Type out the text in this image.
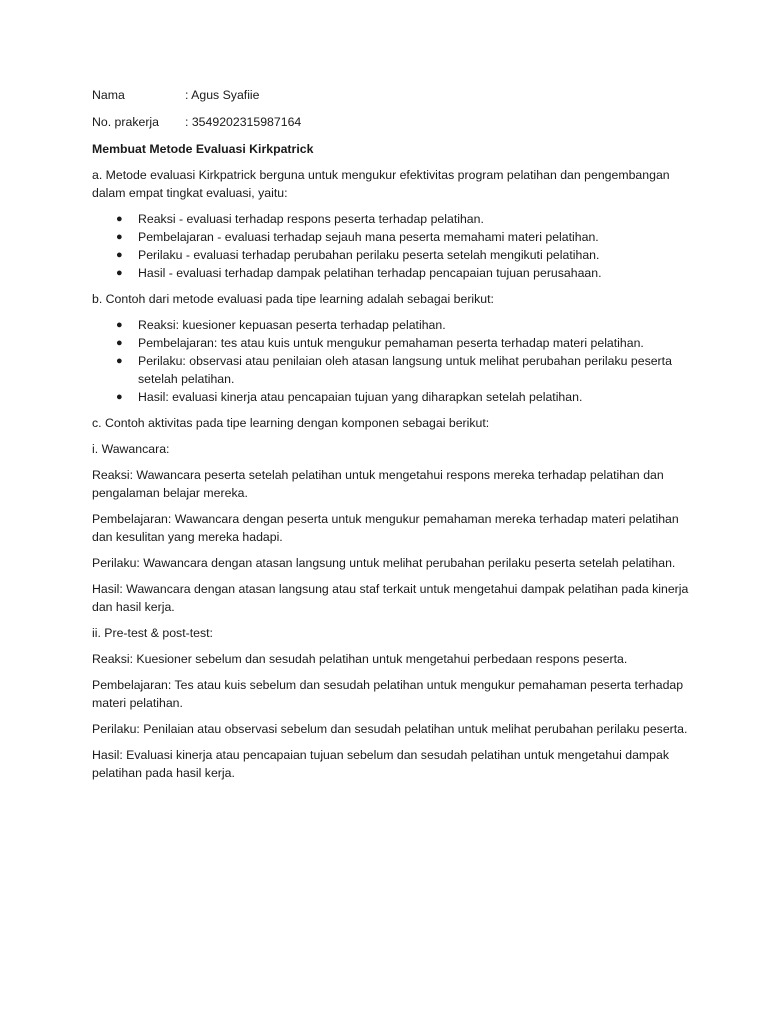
Nama	: Agus Syafiie
No. prakerja	: 3549202315987164

Membuat Metode Evaluasi Kirkpatrick

a. Metode evaluasi Kirkpatrick berguna untuk mengukur efektivitas program pelatihan dan pengembangan dalam empat tingkat evaluasi, yaitu:

● Reaksi - evaluasi terhadap respons peserta terhadap pelatihan.
● Pembelajaran - evaluasi terhadap sejauh mana peserta memahami materi pelatihan.
● Perilaku - evaluasi terhadap perubahan perilaku peserta setelah mengikuti pelatihan.
● Hasil - evaluasi terhadap dampak pelatihan terhadap pencapaian tujuan perusahaan.

b. Contoh dari metode evaluasi pada tipe learning adalah sebagai berikut:

● Reaksi: kuesioner kepuasan peserta terhadap pelatihan.
● Pembelajaran: tes atau kuis untuk mengukur pemahaman peserta terhadap materi pelatihan.
● Perilaku: observasi atau penilaian oleh atasan langsung untuk melihat perubahan perilaku peserta setelah pelatihan.
● Hasil: evaluasi kinerja atau pencapaian tujuan yang diharapkan setelah pelatihan.

c. Contoh aktivitas pada tipe learning dengan komponen sebagai berikut:

i. Wawancara:

Reaksi: Wawancara peserta setelah pelatihan untuk mengetahui respons mereka terhadap pelatihan dan pengalaman belajar mereka.

Pembelajaran: Wawancara dengan peserta untuk mengukur pemahaman mereka terhadap materi pelatihan dan kesulitan yang mereka hadapi.

Perilaku: Wawancara dengan atasan langsung untuk melihat perubahan perilaku peserta setelah pelatihan.

Hasil: Wawancara dengan atasan langsung atau staf terkait untuk mengetahui dampak pelatihan pada kinerja dan hasil kerja.

ii. Pre-test & post-test:

Reaksi: Kuesioner sebelum dan sesudah pelatihan untuk mengetahui perbedaan respons peserta.

Pembelajaran: Tes atau kuis sebelum dan sesudah pelatihan untuk mengukur pemahaman peserta terhadap materi pelatihan.

Perilaku: Penilaian atau observasi sebelum dan sesudah pelatihan untuk melihat perubahan perilaku peserta.

Hasil: Evaluasi kinerja atau pencapaian tujuan sebelum dan sesudah pelatihan untuk mengetahui dampak pelatihan pada hasil kerja.
